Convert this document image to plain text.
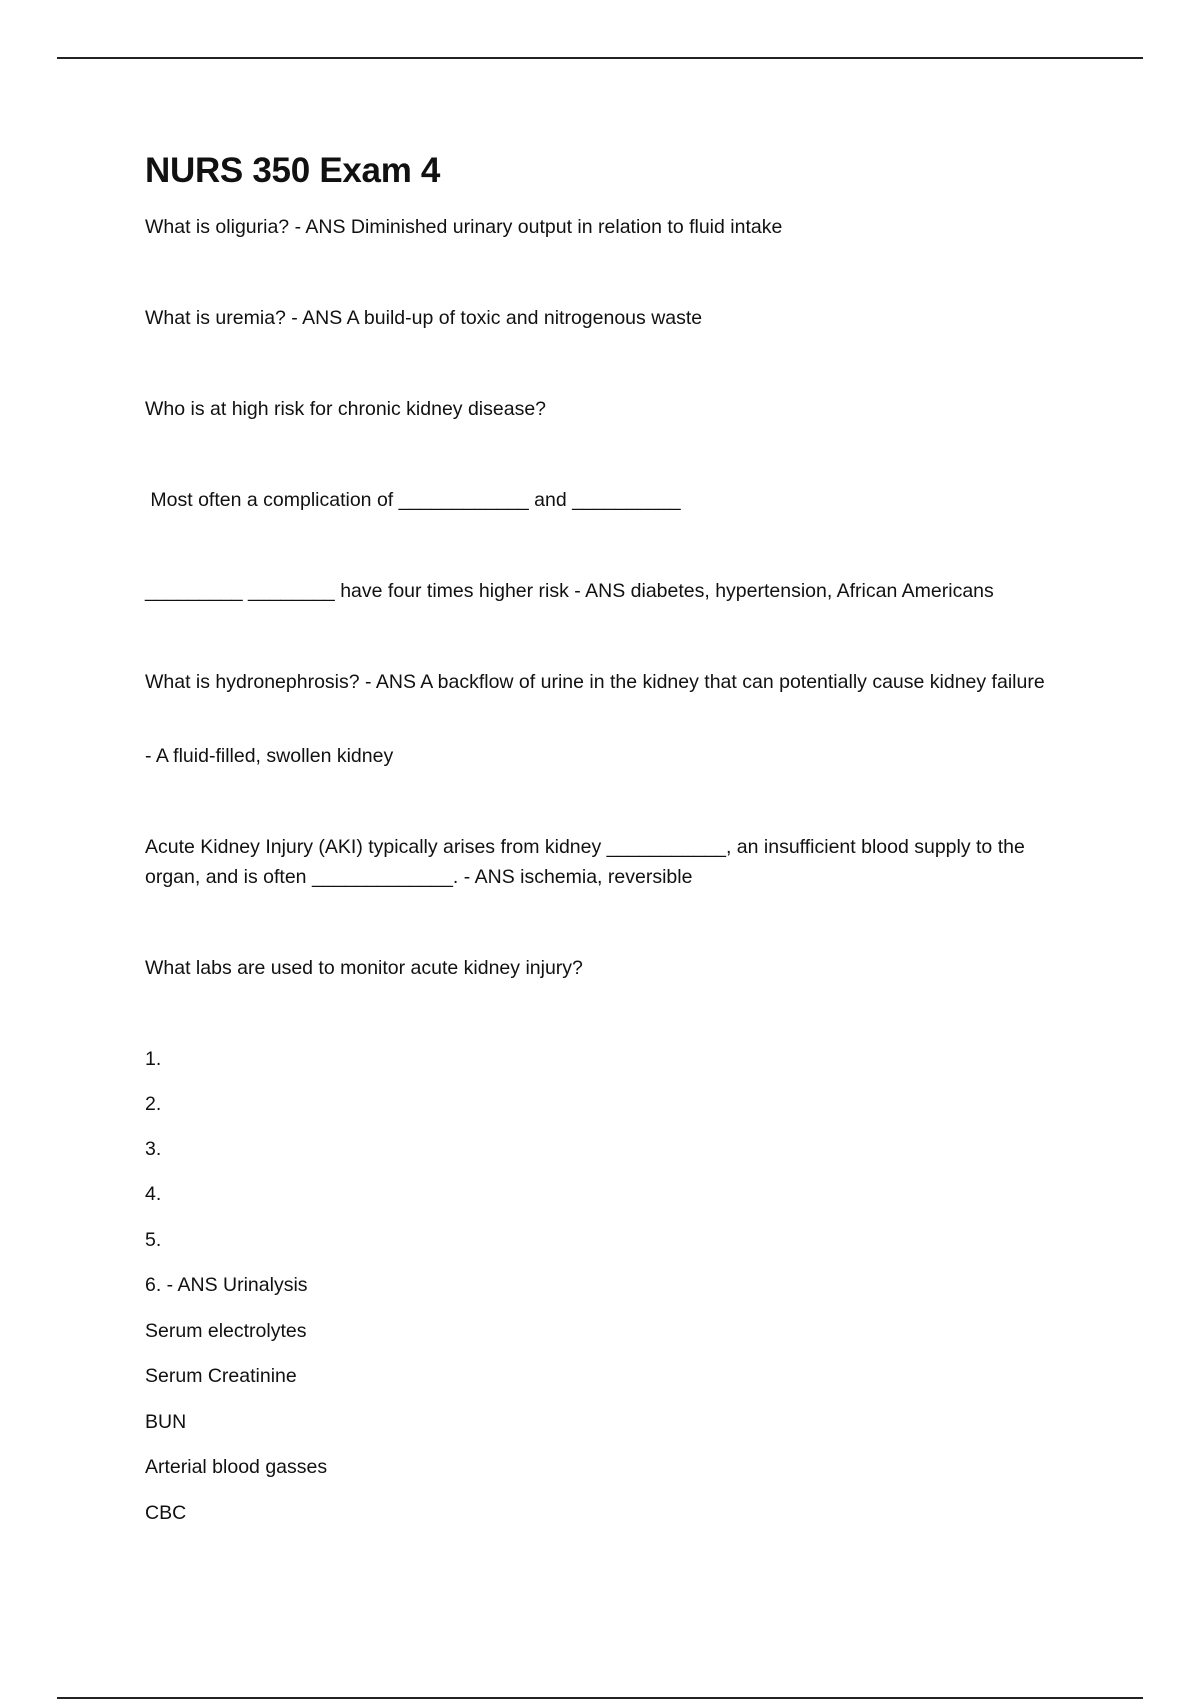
NURS 350 Exam 4
What is oliguria? - ANS Diminished urinary output in relation to fluid intake
What is uremia? - ANS A build-up of toxic and nitrogenous waste
Who is at high risk for chronic kidney disease?
Most often a complication of ____________ and __________
_________ ________ have four times higher risk - ANS diabetes, hypertension, African Americans
What is hydronephrosis? - ANS A backflow of urine in the kidney that can potentially cause kidney failure
- A fluid-filled, swollen kidney
Acute Kidney Injury (AKI) typically arises from kidney ___________, an insufficient blood supply to the organ, and is often _____________. - ANS ischemia, reversible
What labs are used to monitor acute kidney injury?
1.
2.
3.
4.
5.
6. - ANS Urinalysis
Serum electrolytes
Serum Creatinine
BUN
Arterial blood gasses
CBC
